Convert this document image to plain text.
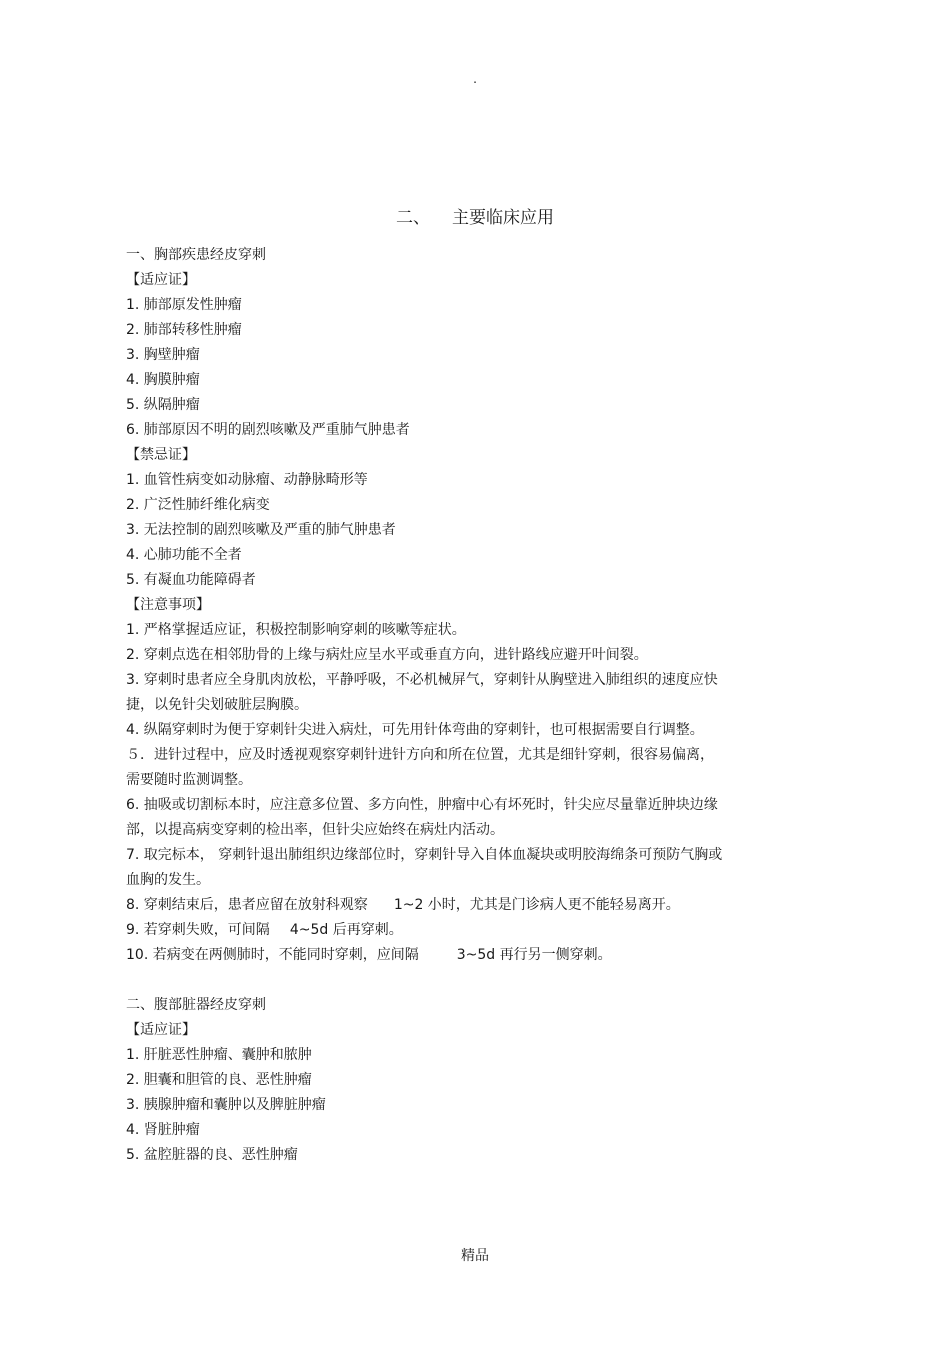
.
二、 主要临床应用

一、胸部疾患经皮穿刺

【适应证】

1. 肺部原发性肿瘤

2. 肺部转移性肿瘤

3. 胸壁肿瘤

4. 胸膜肿瘤

5. 纵隔肿瘤

6. 肺部原因不明的剧烈咳嗽及严重肺气肿患者

【禁忌证】

1. 血管性病变如动脉瘤、动静脉畸形等

2. 广泛性肺纤维化病变

3. 无法控制的剧烈咳嗽及严重的肺气肿患者

4. 心肺功能不全者

5. 有凝血功能障碍者

【注意事项】

1. 严格掌握适应证，积极控制影响穿刺的咳嗽等症状。

2. 穿刺点选在相邻肋骨的上缘与病灶应呈水平或垂直方向，进针路线应避开叶间裂。

3. 穿刺时患者应全身肌肉放松，平静呼吸，不必机械屏气，穿刺针从胸壁进入肺组织的速度应快

捷，以免针尖划破脏层胸膜。

4. 纵隔穿刺时为便于穿刺针尖进入病灶，可先用针体弯曲的穿刺针，也可根据需要自行调整。

５．进针过程中，应及时透视观察穿刺针进针方向和所在位置，尤其是细针穿刺，很容易偏离，

需要随时监测调整。

6. 抽吸或切割标本时，应注意多位置、多方向性，肿瘤中心有坏死时，针尖应尽量靠近肿块边缘

部，以提高病变穿刺的检出率，但针尖应始终在病灶内活动。

7. 取完标本， 穿刺针退出肺组织边缘部位时，穿刺针导入自体血凝块或明胶海绵条可预防气胸或

血胸的发生。

8. 穿刺结束后，患者应留在放射科观察 1~2 小时，尤其是门诊病人更不能轻易离开。

9. 若穿刺失败，可间隔 4~5d 后再穿刺。

10. 若病变在两侧肺时，不能同时穿刺，应间隔	3~5d 再行另一侧穿刺。

二、腹部脏器经皮穿刺

【适应证】

1. 肝脏恶性肿瘤、囊肿和脓肿

2. 胆囊和胆管的良、恶性肿瘤

3. 胰腺肿瘤和囊肿以及脾脏肿瘤

4. 肾脏肿瘤

5. 盆腔脏器的良、恶性肿瘤

精品
